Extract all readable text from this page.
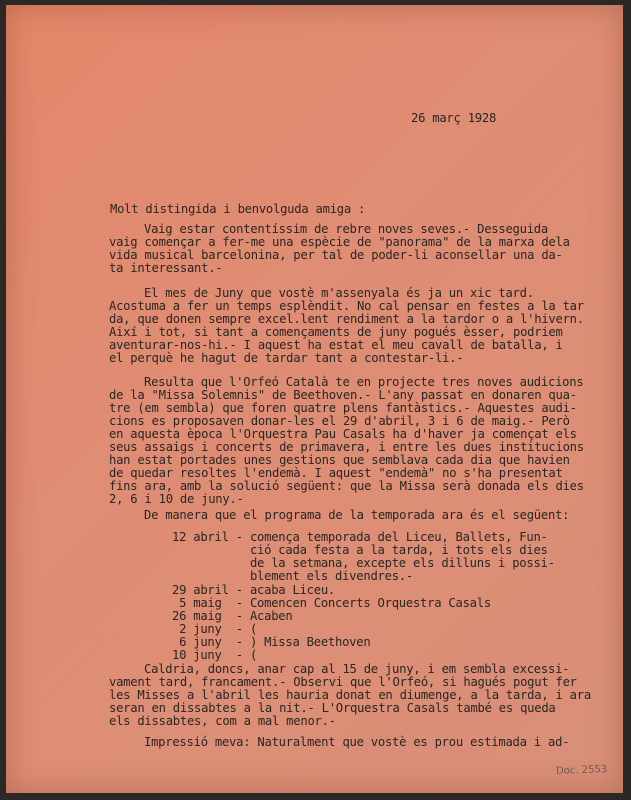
26 març 1928

Molt distingida i benvolguda amiga :

Vaig estar contentíssim de rebre noves seves.- Desseguida

vaig començar a fer-me una espècie de "panorama" de la marxa dela

vida musical barcelonina, per tal de poder-li aconsellar una da-

ta interessant.-

El mes de Juny que vostè m'assenyala és ja un xic tard.

Acostuma a fer un temps esplèndit. No cal pensar en festes a la tar

da, que donen sempre excel.lent rendiment a la tardor o a l'hivern.

Així i tot, si tant a començaments de juny pogués èsser, podriem

aventurar-nos-hi.- I aquest ha estat el meu cavall de batalla, i

el perquè he hagut de tardar tant a contestar-li.-

Resulta que l'Orfeó Català te en projecte tres noves audicions

de la "Missa Solemnis" de Beethoven.- L'any passat en donaren qua-

tre (em sembla) que foren quatre plens fantàstics.- Aquestes audi-

cions es proposaven donar-les el 29 d'abril, 3 i 6 de maig.- Però

en aquesta època l'Orquestra Pau Casals ha d'haver ja començat els

seus assaigs i concerts de primavera, i entre les dues institucions

han estat portades unes gestions que semblava cada dia que havien

de quedar resoltes l'endemà. I aquest "endemà" no s'ha presentat

fins ara, amb la solució següent: que la Missa serà donada els dies

2, 6 i 10 de juny.-

De manera que el programa de la temporada ara és el següent:

12 abril - comença temporada del Liceu, Ballets, Fun-

ció cada festa a la tarda, i tots els dies

de la setmana, excepte els dilluns i possi-

blement els divendres.-

29 abril - acaba Liceu.

5 maig  - Comencen Concerts Orquestra Casals

26 maig  - Acaben

2 juny  - (

6 juny  - ) Missa Beethoven

10 juny  - (

Caldria, doncs, anar cap al 15 de juny, i em sembla excessi-

vament tard, francament.- Observi que l'Orfeó, si hagués pogut fer

les Misses a l'abril les hauria donat en diumenge, a la tarda, i ara

seran en dissabtes a la nit.- L'Orquestra Casals també es queda

els dissabtes, com a mal menor.-

Impressió meva: Naturalment que vostè es prou estimada i ad-

Doc. 2553
